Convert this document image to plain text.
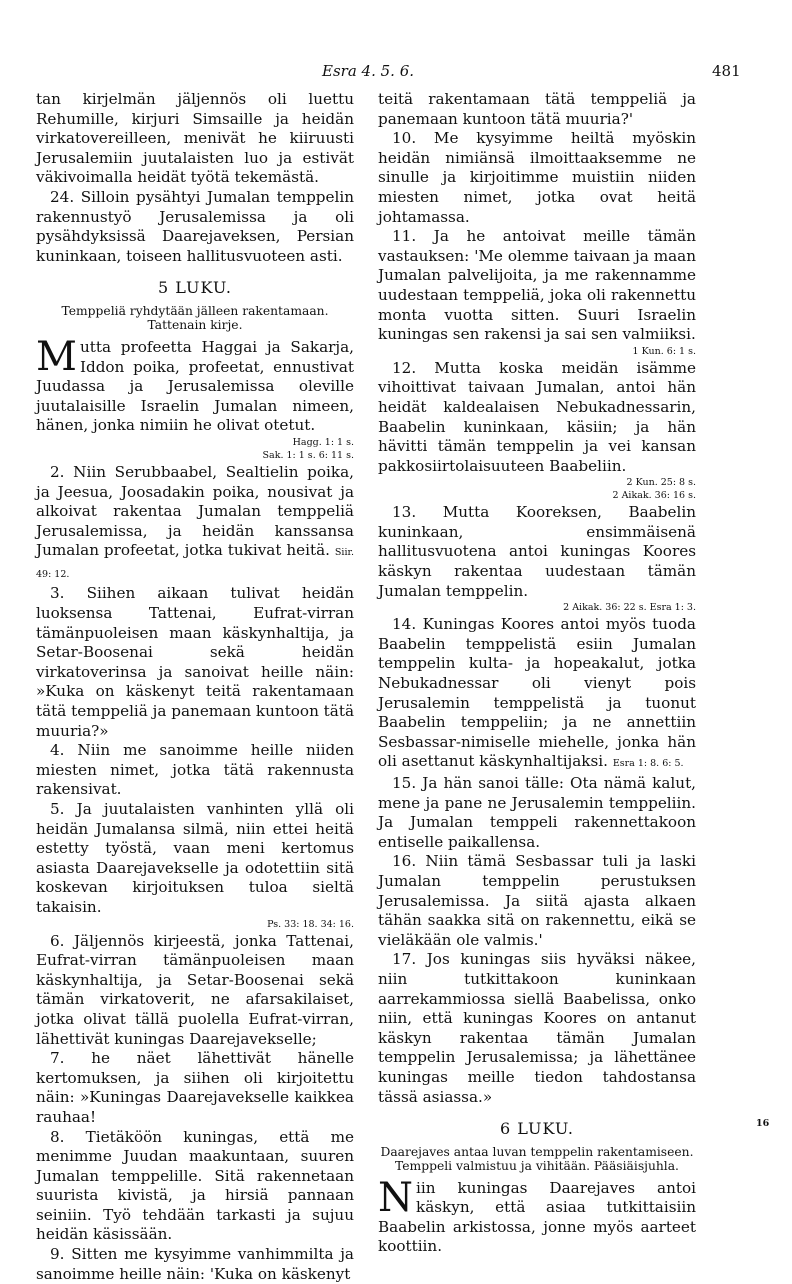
Esra 4. 5. 6.	481

tan kirjelmän jäljennös oli luettu Rehumille, kirjuri Simsaille ja heidän virkatovereilleen, menivät he kiiruusti Jerusalemiin juutalaisten luo ja estivät väkivoimalla heidät työtä tekemästä.

24. Silloin pysähtyi Jumalan temppelin rakennustyö Jerusalemissa ja oli pysähdyksissä Daarejaveksen, Persian kuninkaan, toiseen hallitusvuoteen asti.

5 LUKU.
Temppeliä ryhdytään jälleen rakentamaan. Tattenain kirje.

Mutta profeetta Haggai ja Sakarja, Iddon poika, profeetat, ennustivat Juudassa ja Jerusalemissa oleville juutalaisille Israelin Jumalan nimeen, hänen, jonka nimiin he olivat otetut.

Hagg. 1: 1 s.
Sak. 1: 1 s. 6: 11 s.

2. Niin Serubbaabel, Sealtielin poika, ja Jeesua, Joosadakin poika, nousivat ja alkoivat rakentaa Jumalan temppeliä Jerusalemissa, ja heidän kanssansa Jumalan profeetat, jotka tukivat heitä. Siir. 49: 12.

3. Siihen aikaan tulivat heidän luoksensa Tattenai, Eufrat-virran tämänpuoleisen maan käskynhaltija, ja Setar-Boosenai sekä heidän virkatoverinsa ja sanoivat heille näin: »Kuka on käskenyt teitä rakentamaan tätä temppeliä ja panemaan kuntoon tätä muuria?»

4. Niin me sanoimme heille niiden miesten nimet, jotka tätä rakennusta rakensivat.

5. Ja juutalaisten vanhinten yllä oli heidän Jumalansa silmä, niin ettei heitä estetty työstä, vaan meni kertomus asiasta Daarejavekselle ja odotettiin sitä koskevan kirjoituksen tuloa sieltä takaisin.

Ps. 33: 18. 34: 16.

6. Jäljennös kirjeestä, jonka Tattenai, Eufrat-virran tämänpuoleisen maan käskynhaltija, ja Setar-Boosenai sekä tämän virkatoverit, ne afarsakilaiset, jotka olivat tällä puolella Eufrat-virran, lähettivät kuningas Daarejavekselle;

7. he näet lähettivät hänelle kertomuksen, ja siihen oli kirjoitettu näin: »Kuningas Daarejavekselle kaikkea rauhaa!

8. Tietäköön kuningas, että me menimme Juudan maakuntaan, suuren Jumalan temppelille. Sitä rakennetaan suurista kivistä, ja hirsiä pannaan seiniin. Työ tehdään tarkasti ja sujuu heidän käsissään.

9. Sitten me kysyimme vanhimmilta ja sanoimme heille näin: 'Kuka on käskenyt

teitä rakentamaan tätä temppeliä ja panemaan kuntoon tätä muuria?'

10. Me kysyimme heiltä myöskin heidän nimiänsä ilmoittaaksemme ne sinulle ja kirjoitimme muistiin niiden miesten nimet, jotka ovat heitä johtamassa.

11. Ja he antoivat meille tämän vastauksen: 'Me olemme taivaan ja maan Jumalan palvelijoita, ja me rakennamme uudestaan temppeliä, joka oli rakennettu monta vuotta sitten. Suuri Israelin kuningas sen rakensi ja sai sen valmiiksi.

1 Kun. 6: 1 s.

12. Mutta koska meidän isämme vihoittivat taivaan Jumalan, antoi hän heidät kaldealaisen Nebukadnessarin, Baabelin kuninkaan, käsiin; ja hän hävitti tämän temppelin ja vei kansan pakkosiirtolaisuuteen Baabeliin.

2 Kun. 25: 8 s.
2 Aikak. 36: 16 s.

13. Mutta Kooreksen, Baabelin kuninkaan, ensimmäisenä hallitusvuotena antoi kuningas Koores käskyn rakentaa uudestaan tämän Jumalan temppelin.

2 Aikak. 36: 22 s. Esra 1: 3.

14. Kuningas Koores antoi myös tuoda Baabelin temppelistä esiin Jumalan temppelin kulta- ja hopeakalut, jotka Nebukadnessar oli vienyt pois Jerusalemin temppelistä ja tuonut Baabelin temppeliin; ja ne annettiin Sesbassar-nimiselle miehelle, jonka hän oli asettanut käskynhaltijaksi. Esra 1: 8. 6: 5.

15. Ja hän sanoi tälle: Ota nämä kalut, mene ja pane ne Jerusalemin temppeliin. Ja Jumalan temppeli rakennettakoon entiselle paikallensa.

16. Niin tämä Sesbassar tuli ja laski Jumalan temppelin perustuksen Jerusalemissa. Ja siitä ajasta alkaen tähän saakka sitä on rakennettu, eikä se vieläkään ole valmis.'

17. Jos kuningas siis hyväksi näkee, niin tutkittakoon kuninkaan aarrekammiossa siellä Baabelissa, onko niin, että kuningas Koores on antanut käskyn rakentaa tämän Jumalan temppelin Jerusalemissa; ja lähettänee kuningas meille tiedon tahdostansa tässä asiassa.»

6 LUKU.
Daarejaves antaa luvan temppelin rakentamiseen. Temppeli valmistuu ja vihitään. Pääsiäisjuhla.

Niin kuningas Daarejaves antoi käskyn, että asiaa tutkittaisiin Baabelin arkistossa, jonne myös aarteet koottiin.

16
